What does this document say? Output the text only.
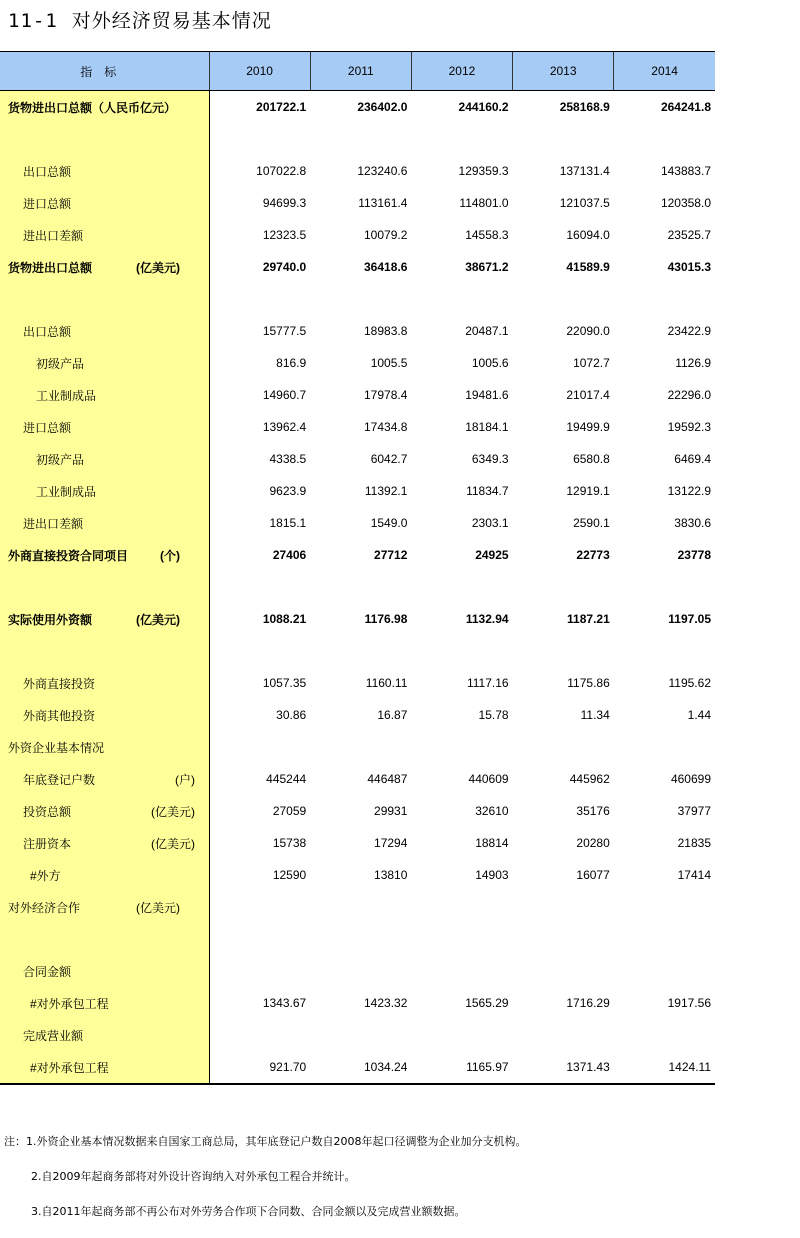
11-1 对外经济贸易基本情况
指标	2010	2011	2012	2013	2014

货物进出口总额（人民币亿元）	201722.1	236402.0	244160.2	258168.9	264241.8

出口总额	107022.8	123240.6	129359.3	137131.4	143883.7

进口总额	94699.3	113161.4	114801.0	121037.5	120358.0

进出口差额	12323.5	10079.2	14558.3	16094.0	23525.7

货物进出口总额 (亿美元)	29740.0	36418.6	38671.2	41589.9	43015.3

出口总额	15777.5	18983.8	20487.1	22090.0	23422.9

初级产品	816.9	1005.5	1005.6	1072.7	1126.9

工业制成品	14960.7	17978.4	19481.6	21017.4	22296.0

进口总额	13962.4	17434.8	18184.1	19499.9	19592.3

初级产品	4338.5	6042.7	6349.3	6580.8	6469.4

工业制成品	9623.9	11392.1	11834.7	12919.1	13122.9

进出口差额	1815.1	1549.0	2303.1	2590.1	3830.6

外商直接投资合同项目 (个)	27406	27712	24925	22773	23778

实际使用外资额 (亿美元)	1088.21	1176.98	1132.94	1187.21	1197.05

外商直接投资	1057.35	1160.11	1117.16	1175.86	1195.62

外商其他投资	30.86	16.87	15.78	11.34	1.44

外资企业基本情况					

年底登记户数 (户)	445244	446487	440609	445962	460699

投资总额 (亿美元)	27059	29931	32610	35176	37977

注册资本 (亿美元)	15738	17294	18814	20280	21835

#外方	12590	13810	14903	16077	17414

对外经济合作 (亿美元)					

合同金额					

#对外承包工程	1343.67	1423.32	1565.29	1716.29	1917.56

完成营业额					

#对外承包工程	921.70	1034.24	1165.97	1371.43	1424.11

注：1.外资企业基本情况数据来自国家工商总局，其年底登记户数自2008年起口径调整为企业加分支机构。

2.自2009年起商务部将对外设计咨询纳入对外承包工程合并统计。

3.自2011年起商务部不再公布对外劳务合作项下合同数、合同金额以及完成营业额数据。
